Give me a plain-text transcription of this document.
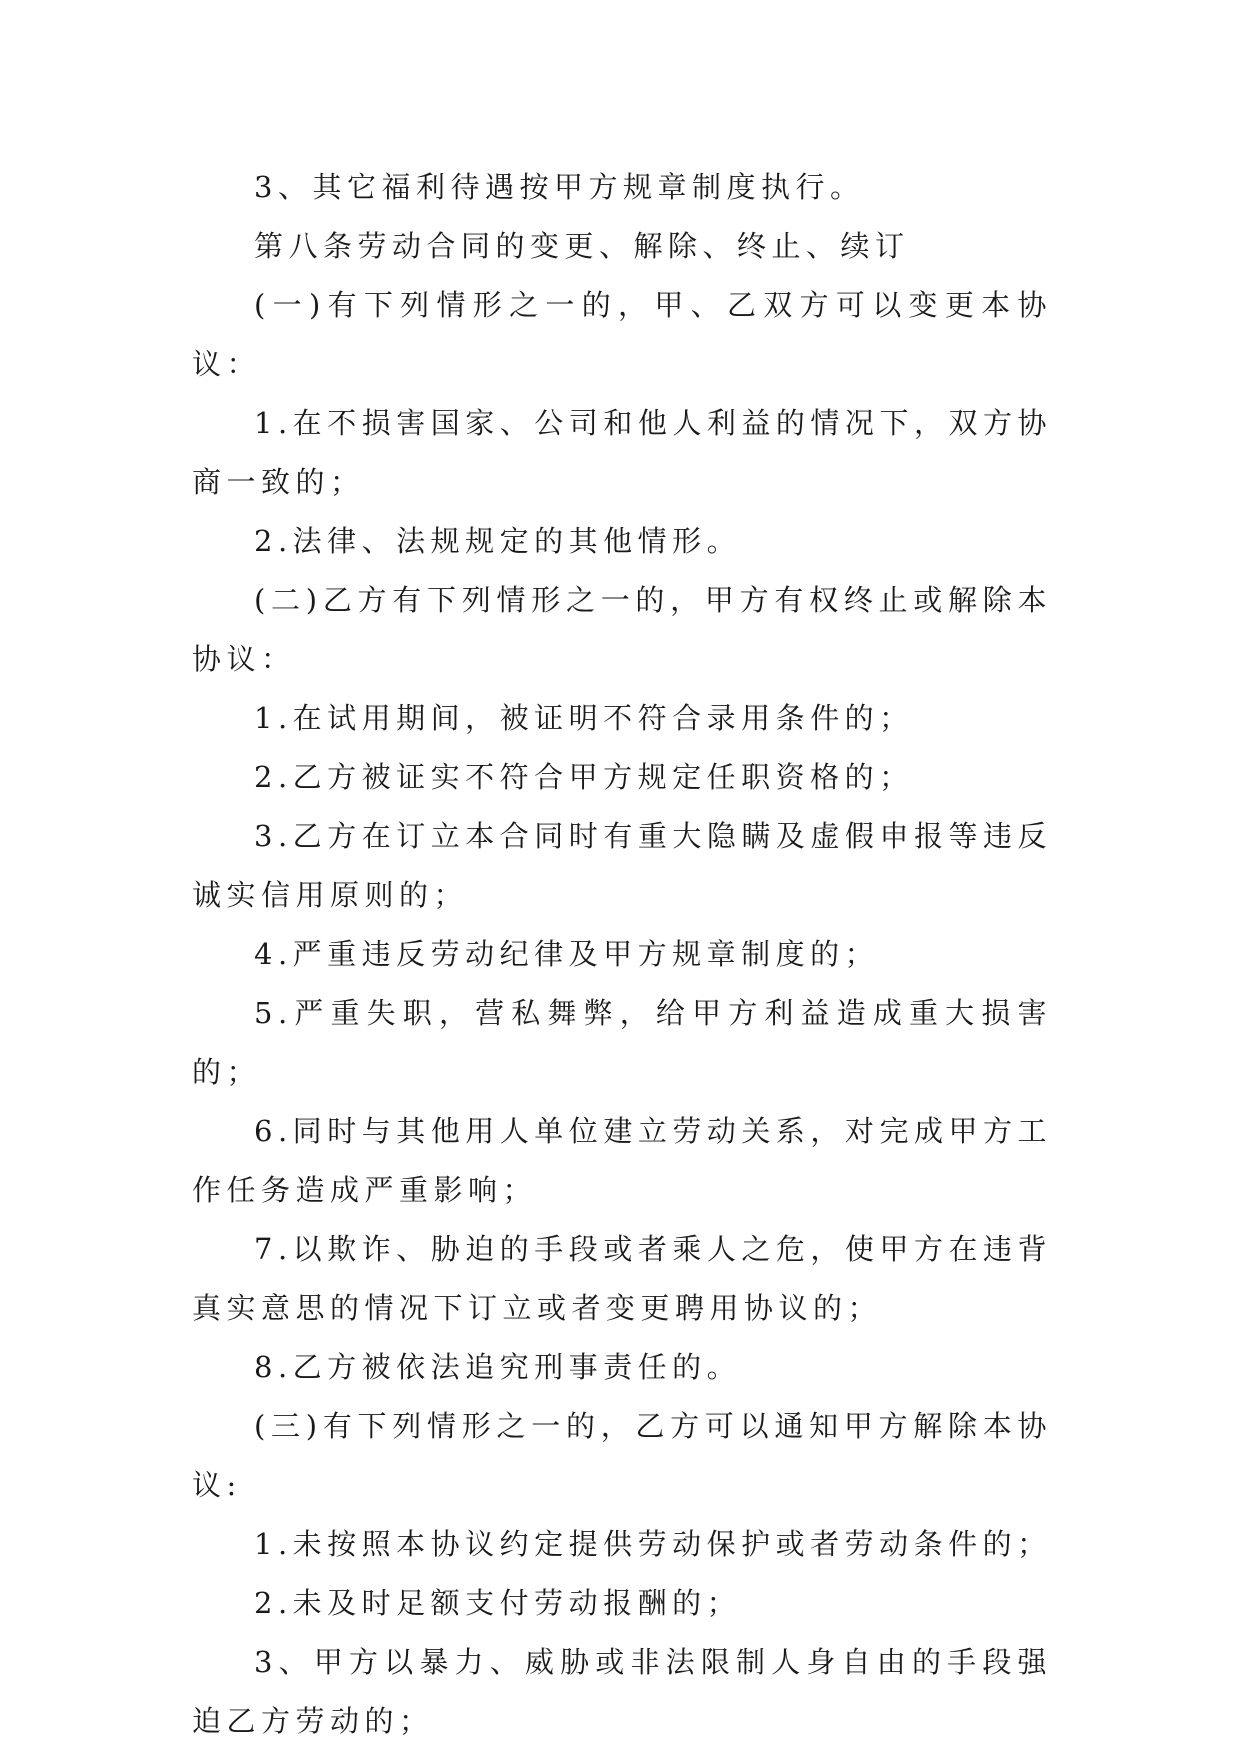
3、其它福利待遇按甲方规章制度执行。

第八条劳动合同的变更、解除、终止、续订

(一)有下列情形之一的，甲、乙双方可以变更本协议：

1.在不损害国家、公司和他人利益的情况下，双方协商一致的；

2.法律、法规规定的其他情形。

(二)乙方有下列情形之一的，甲方有权终止或解除本协议：

1.在试用期间，被证明不符合录用条件的；

2.乙方被证实不符合甲方规定任职资格的；

3.乙方在订立本合同时有重大隐瞒及虚假申报等违反诚实信用原则的；

4.严重违反劳动纪律及甲方规章制度的；

5.严重失职，营私舞弊，给甲方利益造成重大损害的；

6.同时与其他用人单位建立劳动关系，对完成甲方工作任务造成严重影响；

7.以欺诈、胁迫的手段或者乘人之危，使甲方在违背真实意思的情况下订立或者变更聘用协议的；

8.乙方被依法追究刑事责任的。

(三)有下列情形之一的，乙方可以通知甲方解除本协议:

1.未按照本协议约定提供劳动保护或者劳动条件的；

2.未及时足额支付劳动报酬的；

3、甲方以暴力、威胁或非法限制人身自由的手段强迫乙方劳动的；
